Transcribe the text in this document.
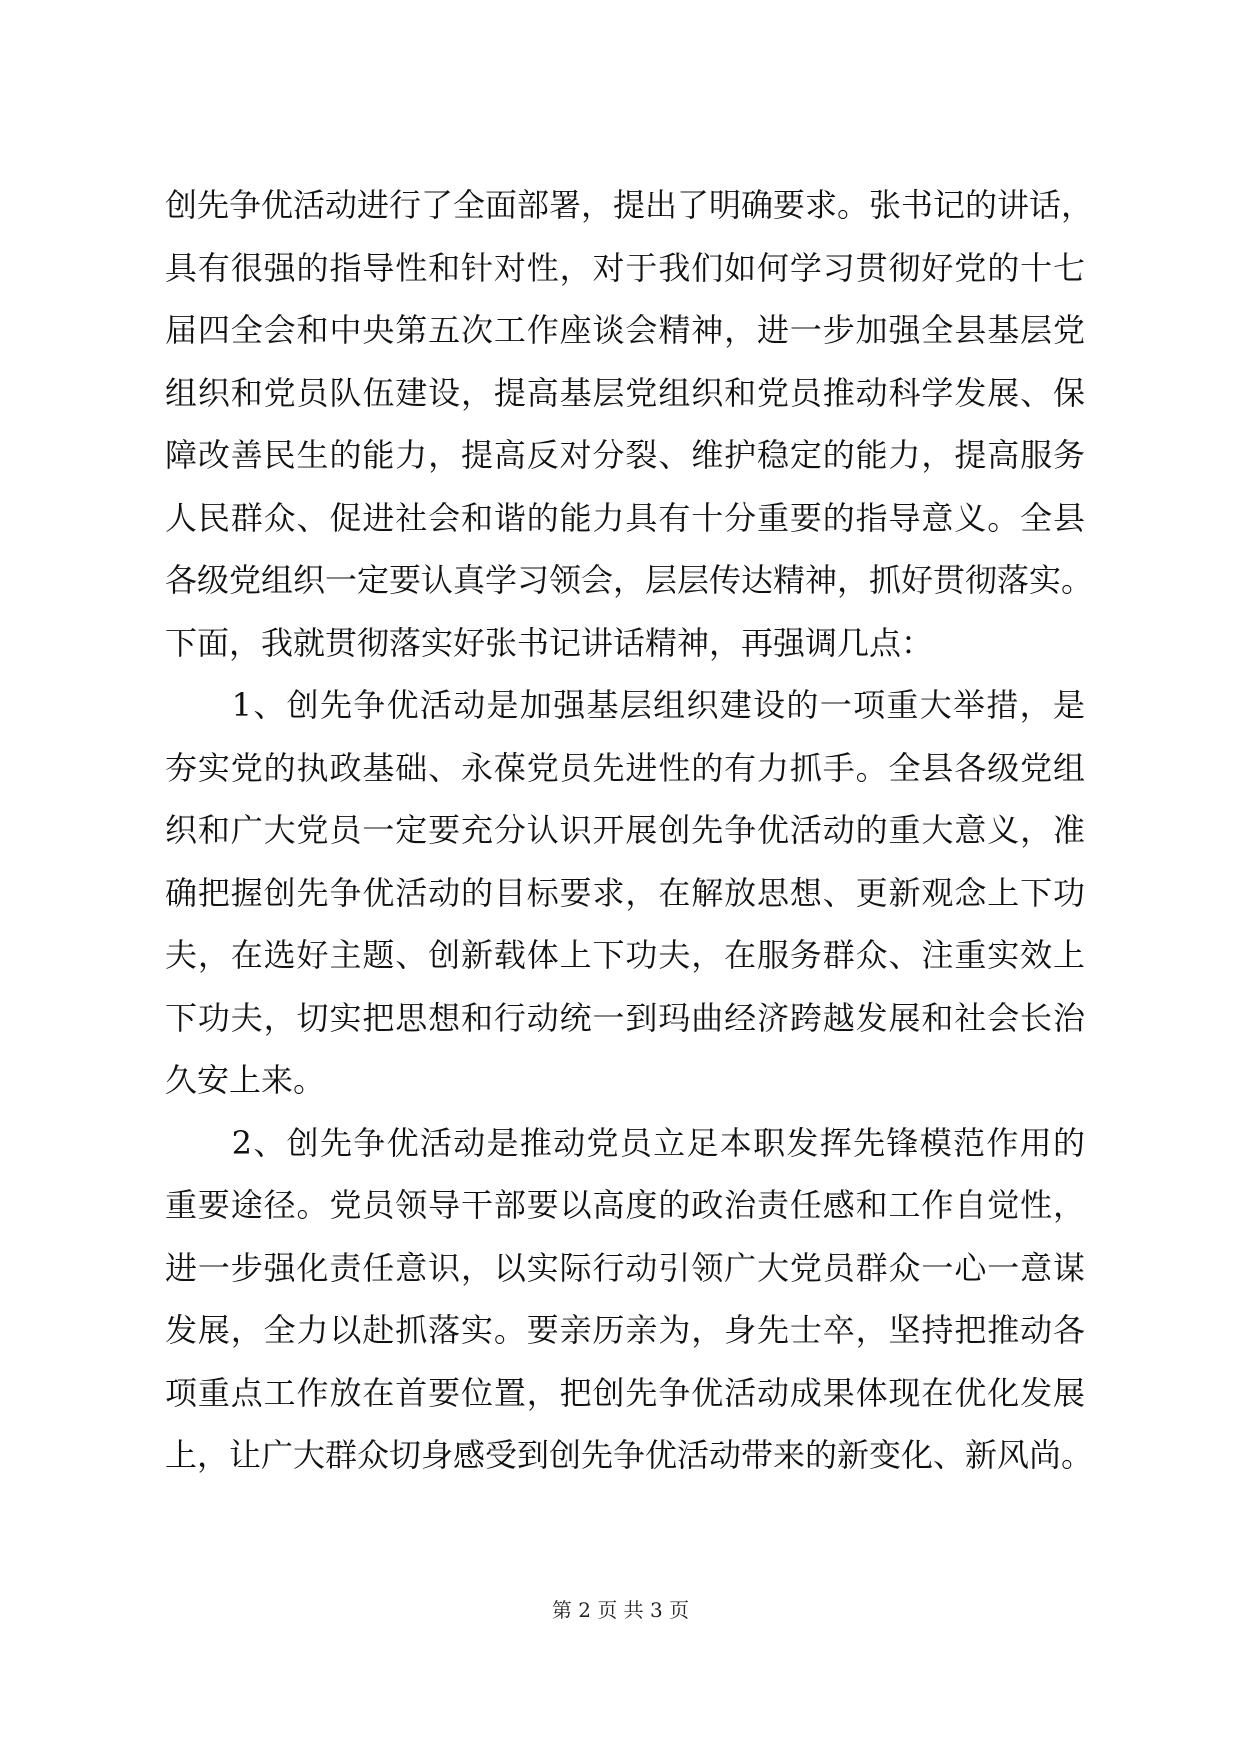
创先争优活动进行了全面部署，提出了明确要求。张书记的讲话，
具有很强的指导性和针对性，对于我们如何学习贯彻好党的十七
届四全会和中央第五次工作座谈会精神，进一步加强全县基层党
组织和党员队伍建设，提高基层党组织和党员推动科学发展、保
障改善民生的能力，提高反对分裂、维护稳定的能力，提高服务
人民群众、促进社会和谐的能力具有十分重要的指导意义。全县
各级党组织一定要认真学习领会，层层传达精神，抓好贯彻落实。
下面，我就贯彻落实好张书记讲话精神，再强调几点：
　　1、创先争优活动是加强基层组织建设的一项重大举措，是
夯实党的执政基础、永葆党员先进性的有力抓手。全县各级党组
织和广大党员一定要充分认识开展创先争优活动的重大意义，准
确把握创先争优活动的目标要求，在解放思想、更新观念上下功
夫，在选好主题、创新载体上下功夫，在服务群众、注重实效上
下功夫，切实把思想和行动统一到玛曲经济跨越发展和社会长治
久安上来。
　　2、创先争优活动是推动党员立足本职发挥先锋模范作用的
重要途径。党员领导干部要以高度的政治责任感和工作自觉性，
进一步强化责任意识，以实际行动引领广大党员群众一心一意谋
发展，全力以赴抓落实。要亲历亲为，身先士卒，坚持把推动各
项重点工作放在首要位置，把创先争优活动成果体现在优化发展
上，让广大群众切身感受到创先争优活动带来的新变化、新风尚。
第 2 页 共 3 页
